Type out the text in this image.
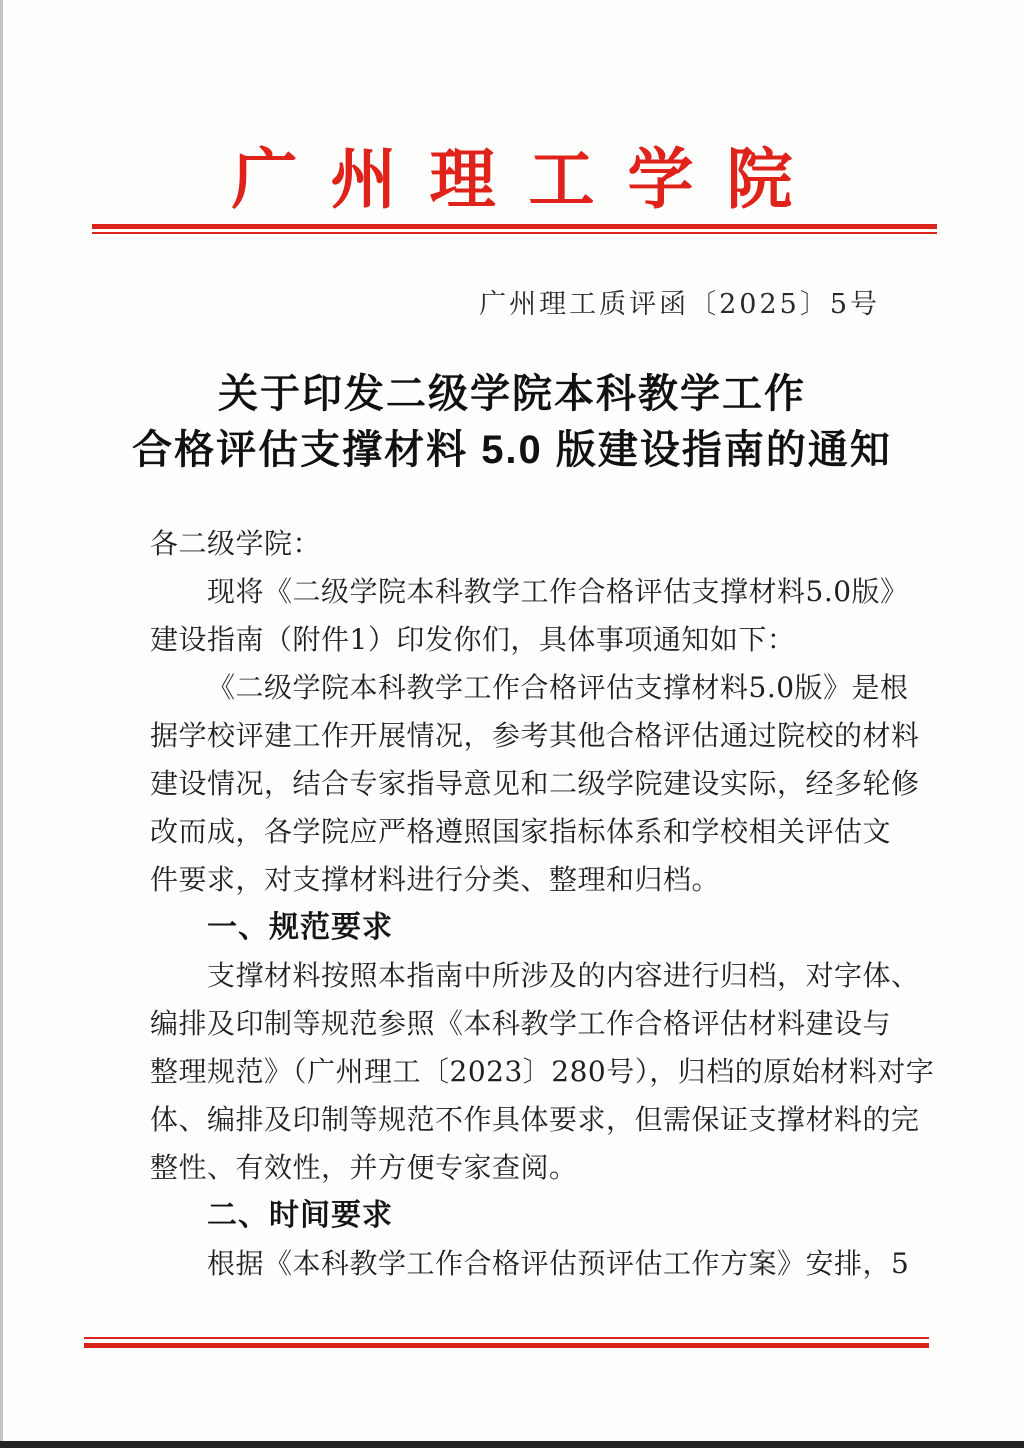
广州理工学院
广州理工质评函〔2025〕5号
关于印发二级学院本科教学工作
合格评估支撑材料 5.0 版建设指南的通知
各二级学院：
现将《二级学院本科教学工作合格评估支撑材料5.0版》
建设指南（附件1）印发你们，具体事项通知如下：
《二级学院本科教学工作合格评估支撑材料5.0版》是根
据学校评建工作开展情况，参考其他合格评估通过院校的材料
建设情况，结合专家指导意见和二级学院建设实际，经多轮修
改而成，各学院应严格遵照国家指标体系和学校相关评估文
件要求，对支撑材料进行分类、整理和归档。
一、规范要求
支撑材料按照本指南中所涉及的内容进行归档，对字体、
编排及印制等规范参照《本科教学工作合格评估材料建设与
整理规范》（广州理工〔2023〕280号），归档的原始材料对字
体、编排及印制等规范不作具体要求，但需保证支撑材料的完
整性、有效性，并方便专家查阅。
二、时间要求
根据《本科教学工作合格评估预评估工作方案》安排，5
